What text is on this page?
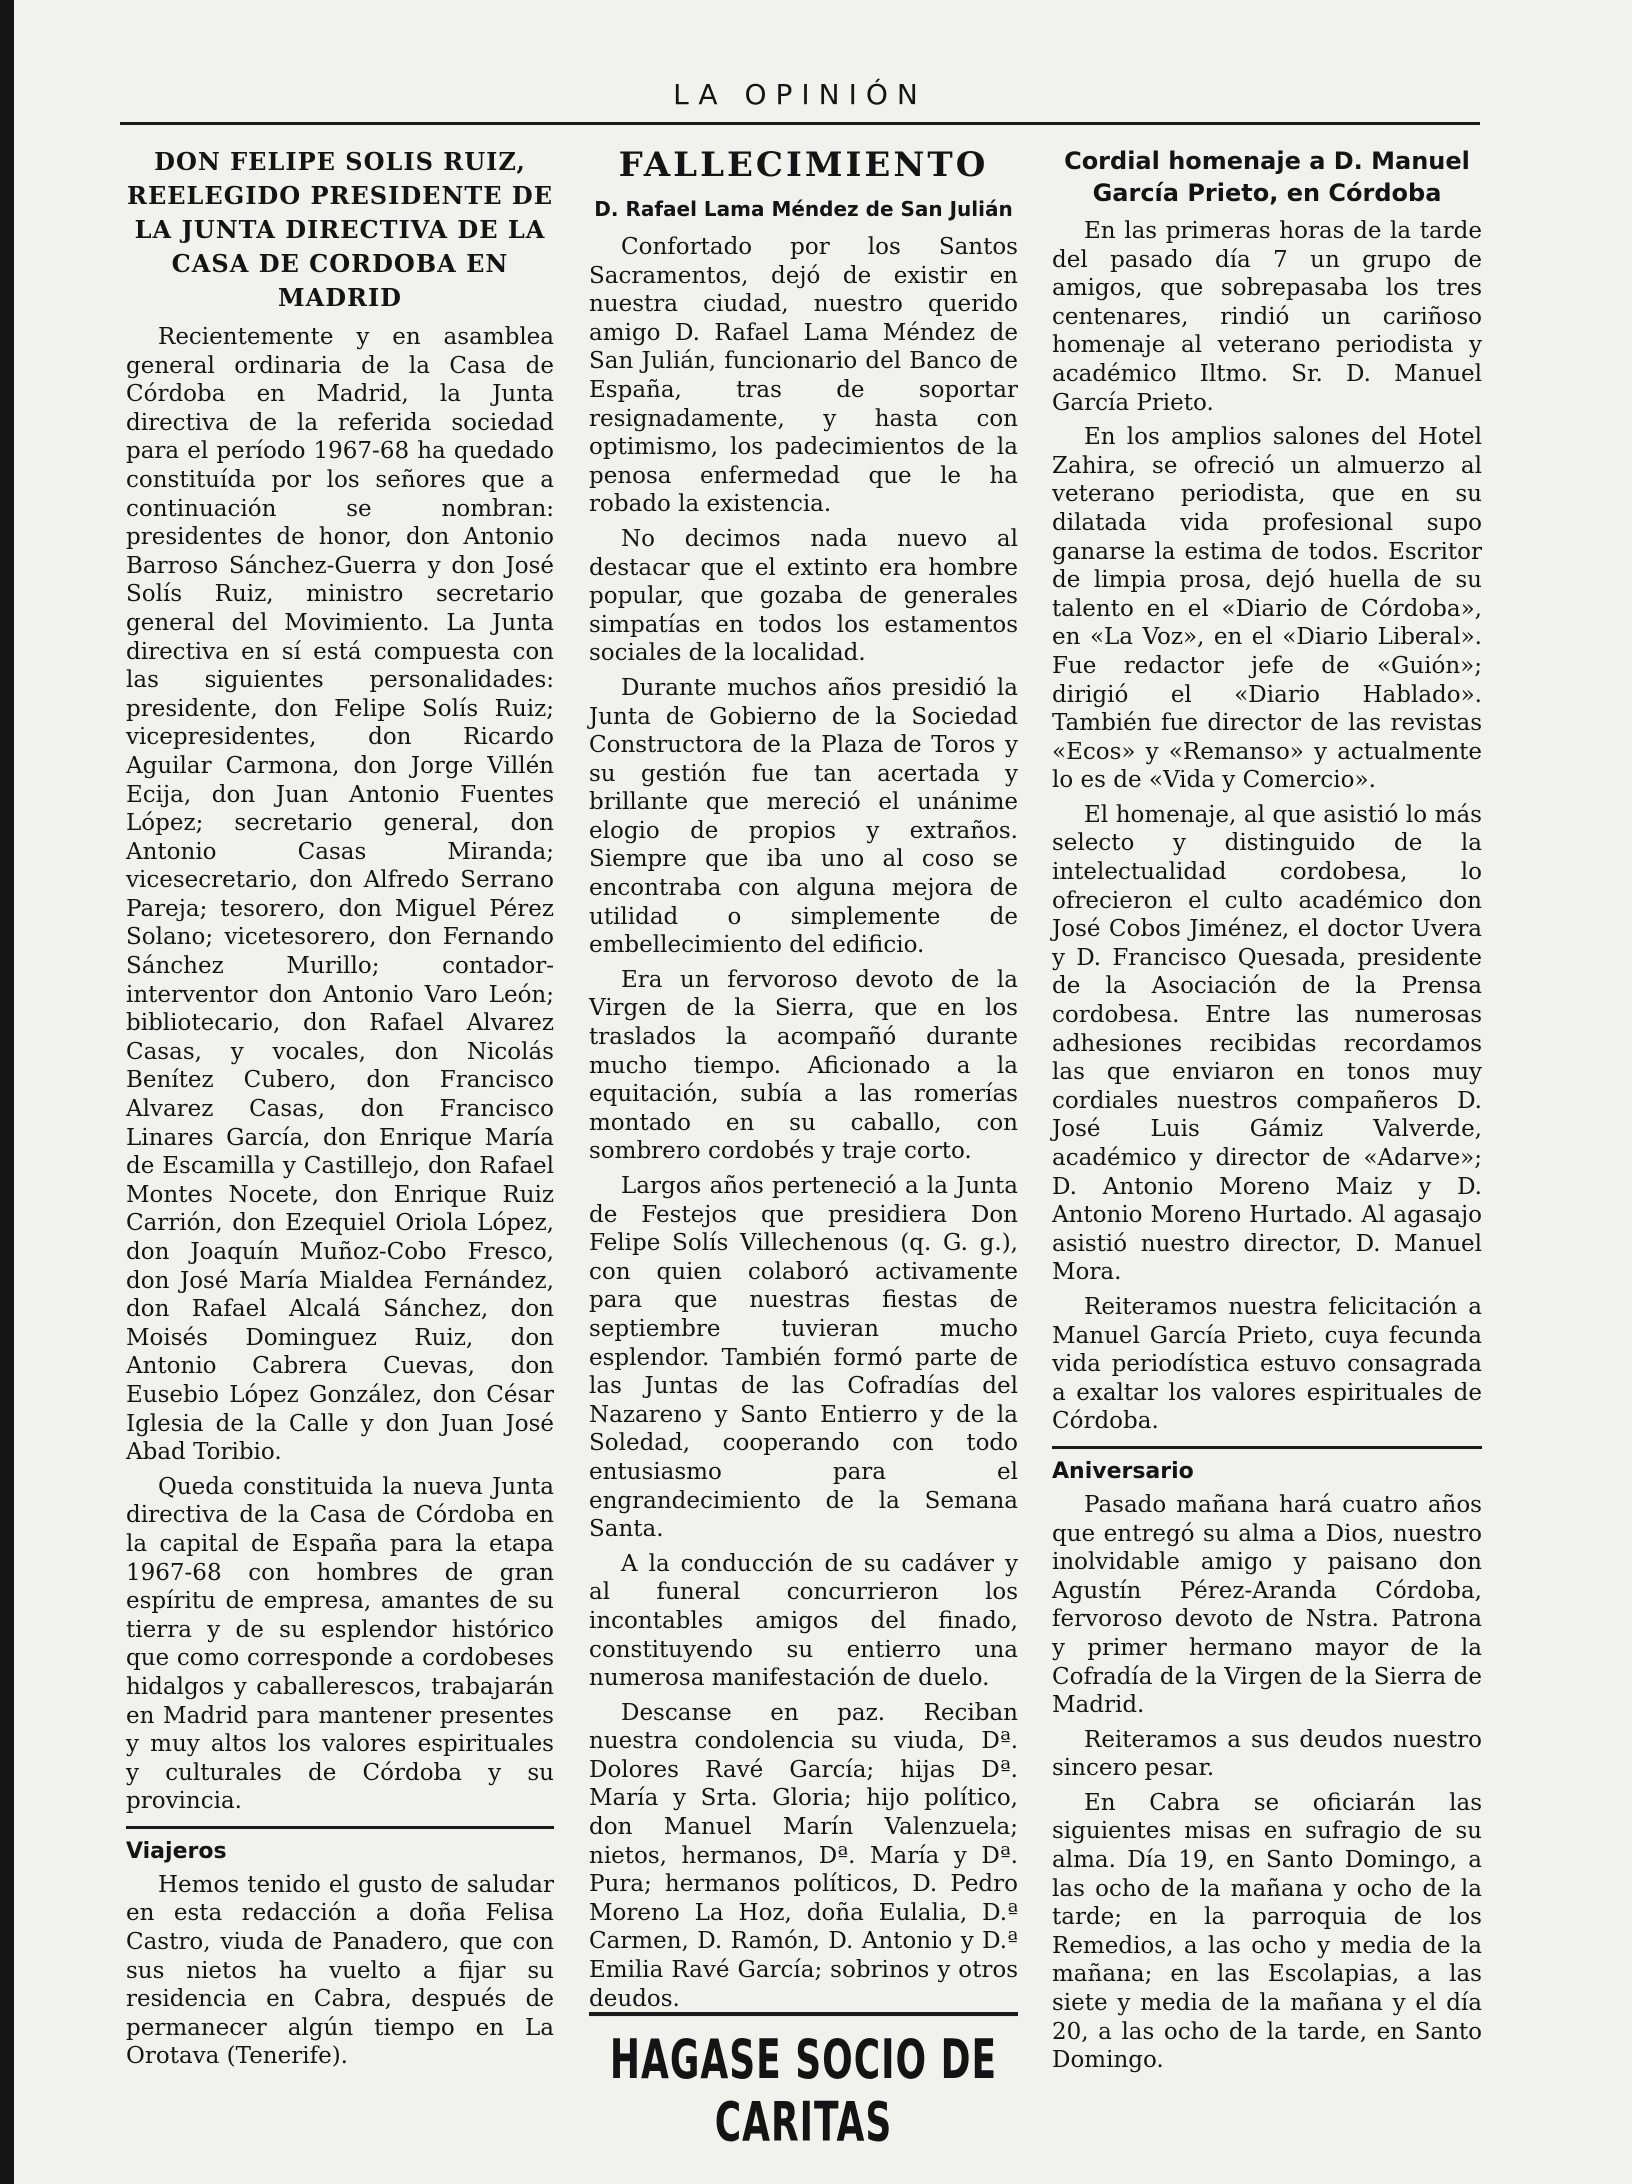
LA OPINIÓN
DON FELIPE SOLIS RUIZ, REELEGIDO PRESIDENTE DE LA JUNTA DIRECTIVA DE LA CASA DE CORDOBA EN MADRID

Recientemente y en asamblea general ordinaria de la Casa de Córdoba en Madrid, la Junta directiva de la referida sociedad para el período 1967-68 ha quedado constituída por los señores que a continuación se nombran: presidentes de honor, don Antonio Barroso Sánchez-Guerra y don José Solís Ruiz, ministro secretario general del Movimiento. La Junta directiva en sí está compuesta con las siguientes personalidades: presidente, don Felipe Solís Ruiz; vicepresidentes, don Ricardo Aguilar Carmona, don Jorge Villén Ecija, don Juan Antonio Fuentes López; secretario general, don Antonio Casas Miranda; vicesecretario, don Alfredo Serrano Pareja; tesorero, don Miguel Pérez Solano; vicetesorero, don Fernando Sánchez Murillo; contador-interventor don Antonio Varo León; bibliotecario, don Rafael Alvarez Casas, y vocales, don Nicolás Benítez Cubero, don Francisco Alvarez Casas, don Francisco Linares García, don Enrique María de Escamilla y Castillejo, don Rafael Montes Nocete, don Enrique Ruiz Carrión, don Ezequiel Oriola López, don Joaquín Muñoz-Cobo Fresco, don José María Mialdea Fernández, don Rafael Alcalá Sánchez, don Moisés Dominguez Ruiz, don Antonio Cabrera Cuevas, don Eusebio López González, don César Iglesia de la Calle y don Juan José Abad Toribio.

Queda constituida la nueva Junta directiva de la Casa de Córdoba en la capital de España para la etapa 1967-68 con hombres de gran espíritu de empresa, amantes de su tierra y de su esplendor histórico que como corresponde a cordobeses hidalgos y caballerescos, trabajarán en Madrid para mantener presentes y muy altos los valores espirituales y culturales de Córdoba y su provincia.

Viajeros

Hemos tenido el gusto de saludar en esta redacción a doña Felisa Castro, viuda de Panadero, que con sus nietos ha vuelto a fijar su residencia en Cabra, después de permanecer algún tiempo en La Orotava (Tenerife).

FALLECIMIENTO
D. Rafael Lama Méndez de San Julián

Confortado por los Santos Sacramentos, dejó de existir en nuestra ciudad, nuestro querido amigo D. Rafael Lama Méndez de San Julián, funcionario del Banco de España, tras de soportar resignadamente, y hasta con optimismo, los padecimientos de la penosa enfermedad que le ha robado la existencia.

No decimos nada nuevo al destacar que el extinto era hombre popular, que gozaba de generales simpatías en todos los estamentos sociales de la localidad.

Durante muchos años presidió la Junta de Gobierno de la Sociedad Constructora de la Plaza de Toros y su gestión fue tan acertada y brillante que mereció el unánime elogio de propios y extraños. Siempre que iba uno al coso se encontraba con alguna mejora de utilidad o simplemente de embellecimiento del edificio.

Era un fervoroso devoto de la Virgen de la Sierra, que en los traslados la acompañó durante mucho tiempo. Aficionado a la equitación, subía a las romerías montado en su caballo, con sombrero cordobés y traje corto.

Largos años perteneció a la Junta de Festejos que presidiera Don Felipe Solís Villechenous (q. G. g.), con quien colaboró activamente para que nuestras fiestas de septiembre tuvieran mucho esplendor. También formó parte de las Juntas de las Cofradías del Nazareno y Santo Entierro y de la Soledad, cooperando con todo entusiasmo para el engrandecimiento de la Semana Santa.

A la conducción de su cadáver y al funeral concurrieron los incontables amigos del finado, constituyendo su entierro una numerosa manifestación de duelo.

Descanse en paz. Reciban nuestra condolencia su viuda, Dª. Dolores Ravé García; hijas Dª. María y Srta. Gloria; hijo político, don Manuel Marín Valenzuela; nietos, hermanos, Dª. María y Dª. Pura; hermanos políticos, D. Pedro Moreno La Hoz, doña Eulalia, D.ª Carmen, D. Ramón, D. Antonio y D.ª Emilia Ravé García; sobrinos y otros deudos.

HAGASE SOCIO DE CARITAS
Cordial homenaje a D. Manuel García Prieto, en Córdoba

En las primeras horas de la tarde del pasado día 7 un grupo de amigos, que sobrepasaba los tres centenares, rindió un cariñoso homenaje al veterano periodista y académico Iltmo. Sr. D. Manuel García Prieto.

En los amplios salones del Hotel Zahira, se ofreció un almuerzo al veterano periodista, que en su dilatada vida profesional supo ganarse la estima de todos. Escritor de limpia prosa, dejó huella de su talento en el «Diario de Córdoba», en «La Voz», en el «Diario Liberal». Fue redactor jefe de «Guión»; dirigió el «Diario Hablado». También fue director de las revistas «Ecos» y «Remanso» y actualmente lo es de «Vida y Comercio».

El homenaje, al que asistió lo más selecto y distinguido de la intelectualidad cordobesa, lo ofrecieron el culto académico don José Cobos Jiménez, el doctor Uvera y D. Francisco Quesada, presidente de la Asociación de la Prensa cordobesa. Entre las numerosas adhesiones recibidas recordamos las que enviaron en tonos muy cordiales nuestros compañeros D. José Luis Gámiz Valverde, académico y director de «Adarve»; D. Antonio Moreno Maiz y D. Antonio Moreno Hurtado. Al agasajo asistió nuestro director, D. Manuel Mora.

Reiteramos nuestra felicitación a Manuel García Prieto, cuya fecunda vida periodística estuvo consagrada a exaltar los valores espirituales de Córdoba.

Aniversario

Pasado mañana hará cuatro años que entregó su alma a Dios, nuestro inolvidable amigo y paisano don Agustín Pérez-Aranda Córdoba, fervoroso devoto de Nstra. Patrona y primer hermano mayor de la Cofradía de la Virgen de la Sierra de Madrid.

Reiteramos a sus deudos nuestro sincero pesar.

En Cabra se oficiarán las siguientes misas en sufragio de su alma. Día 19, en Santo Domingo, a las ocho de la mañana y ocho de la tarde; en la parroquia de los Remedios, a las ocho y media de la mañana; en las Escolapias, a las siete y media de la mañana y el día 20, a las ocho de la tarde, en Santo Domingo.
